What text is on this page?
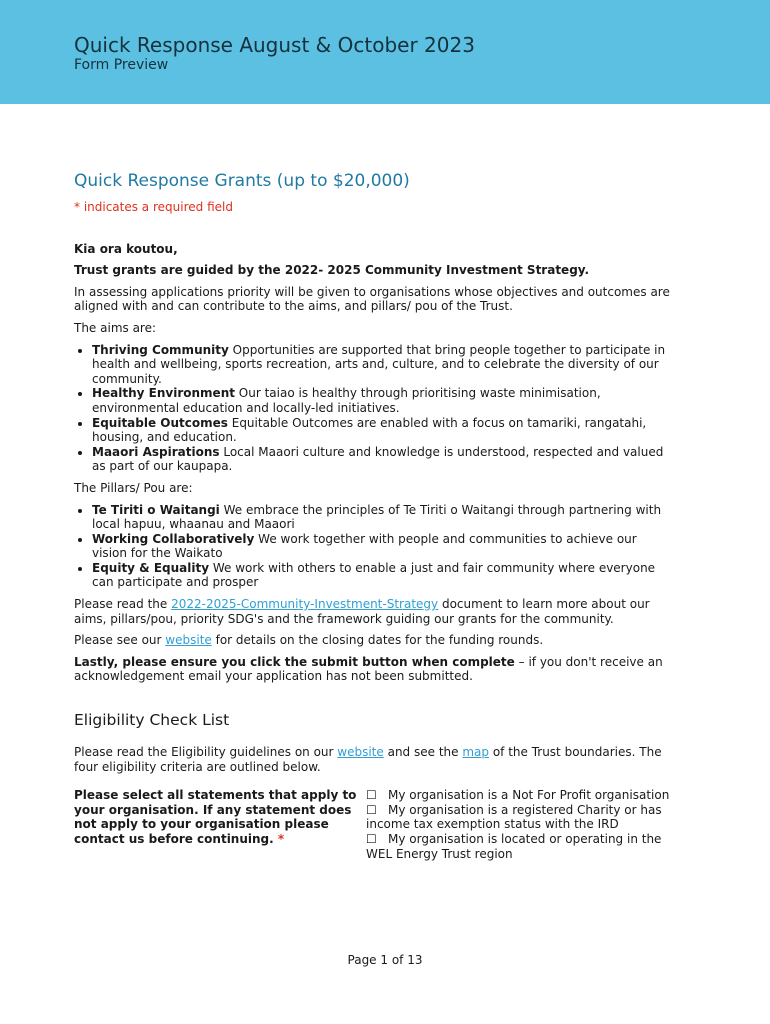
Quick Response August & October 2023
Form Preview
Quick Response Grants (up to $20,000)
* indicates a required field

Kia ora koutou,

Trust grants are guided by the 2022- 2025 Community Investment Strategy.

In assessing applications priority will be given to organisations whose objectives and outcomes are aligned with and can contribute to the aims, and pillars/ pou of the Trust.

The aims are:

• Thriving Community Opportunities are supported that bring people together to participate in health and wellbeing, sports recreation, arts and, culture, and to celebrate the diversity of our community.
• Healthy Environment Our taiao is healthy through prioritising waste minimisation, environmental education and locally-led initiatives.
• Equitable Outcomes Equitable Outcomes are enabled with a focus on tamariki, rangatahi, housing, and education.
• Maaori Aspirations Local Maaori culture and knowledge is understood, respected and valued as part of our kaupapa.

The Pillars/ Pou are:

• Te Tiriti o Waitangi We embrace the principles of Te Tiriti o Waitangi through partnering with local hapuu, whaanau and Maaori
• Working Collaboratively We work together with people and communities to achieve our vision for the Waikato
• Equity & Equality We work with others to enable a just and fair community where everyone can participate and prosper

Please read the 2022-2025-Community-Investment-Strategy document to learn more about our aims, pillars/pou, priority SDG's and the framework guiding our grants for the community.

Please see our website for details on the closing dates for the funding rounds.

Lastly, please ensure you click the submit button when complete – if you don't receive an acknowledgement email your application has not been submitted.

Eligibility Check List

Please read the Eligibility guidelines on our website and see the map of the Trust boundaries. The four eligibility criteria are outlined below.

Please select all statements that apply to your organisation. If any statement does not apply to your organisation please contact us before continuing. *
☐ My organisation is a Not For Profit organisation
☐ My organisation is a registered Charity or has income tax exemption status with the IRD
☐ My organisation is located or operating in the WEL Energy Trust region
Page 1 of 13
